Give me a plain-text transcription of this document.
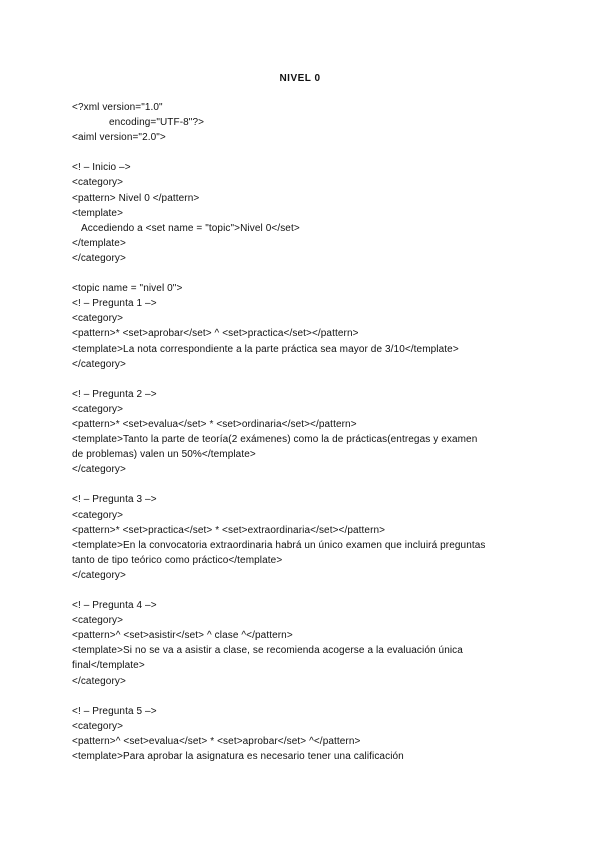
NIVEL 0
<?xml version="1.0"
encoding="UTF-8"?>
<aiml version="2.0">
<! – Inicio –>
<category>
<pattern> Nivel 0 </pattern>
<template>
Accediendo a <set name = "topic">Nivel 0</set>
</template>
</category>
<topic name = "nivel 0">
<! – Pregunta 1 –>
<category>
<pattern>* <set>aprobar</set> ^ <set>practica</set></pattern>
<template>La nota correspondiente a la parte práctica sea mayor de 3/10</template>
</category>
<! – Pregunta 2 –>
<category>
<pattern>* <set>evalua</set> * <set>ordinaria</set></pattern>
<template>Tanto la parte de teoría(2 exámenes) como la de prácticas(entregas y examen
de problemas) valen un 50%</template>
</category>
<! – Pregunta 3 –>
<category>
<pattern>* <set>practica</set> * <set>extraordinaria</set></pattern>
<template>En la convocatoria extraordinaria habrá un único examen que incluirá preguntas
tanto de tipo teórico como práctico</template>
</category>
<! – Pregunta 4 –>
<category>
<pattern>^ <set>asistir</set> ^ clase ^</pattern>
<template>Si no se va a asistir a clase, se recomienda acogerse a la evaluación única
final</template>
</category>
<! – Pregunta 5 –>
<category>
<pattern>^ <set>evalua</set> * <set>aprobar</set> ^</pattern>
<template>Para aprobar la asignatura es necesario tener una calificación
